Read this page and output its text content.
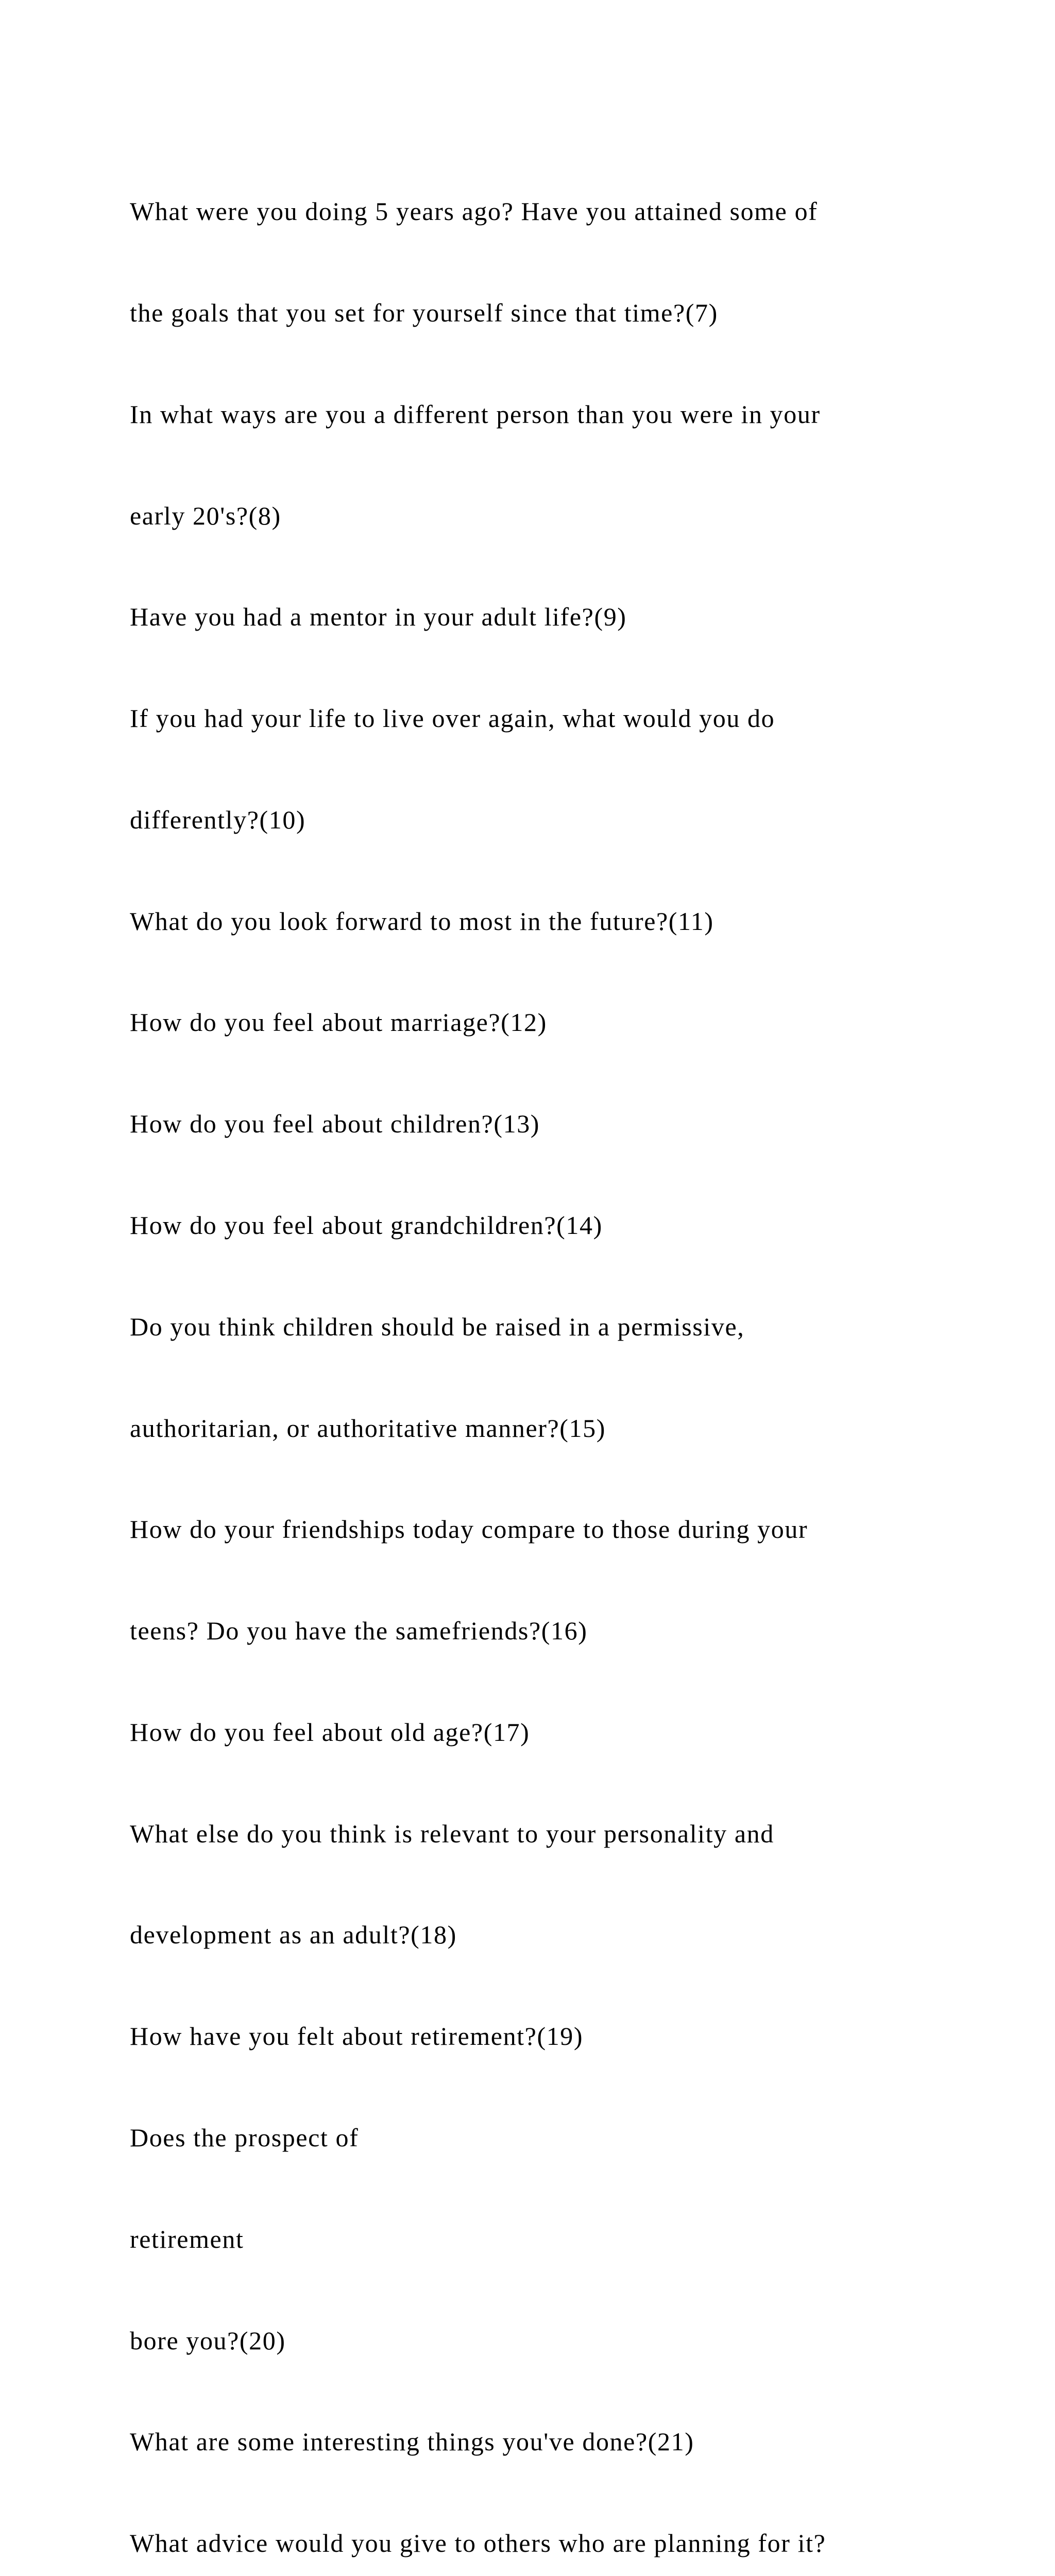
What were you doing 5 years ago? Have you attained some of

the goals that you set for yourself since that time?(7)

In what ways are you a different person than you were in your

early 20's?(8)

Have you had a mentor in your adult life?(9)

If you had your life to live over again, what would you do

differently?(10)

What do you look forward to most in the future?(11)

How do you feel about marriage?(12)

How do you feel about children?(13)

How do you feel about grandchildren?(14)

Do you think children should be raised in a permissive,

authoritarian, or authoritative manner?(15)

How do your friendships today compare to those during your

teens? Do you have the samefriends?(16)

How do you feel about old age?(17)

What else do you think is relevant to your personality and

development as an adult?(18)

How have you felt about retirement?(19)

Does the prospect of

retirement

bore you?(20)

What are some interesting things you've done?(21)

What advice would you give to others who are planning for it?
